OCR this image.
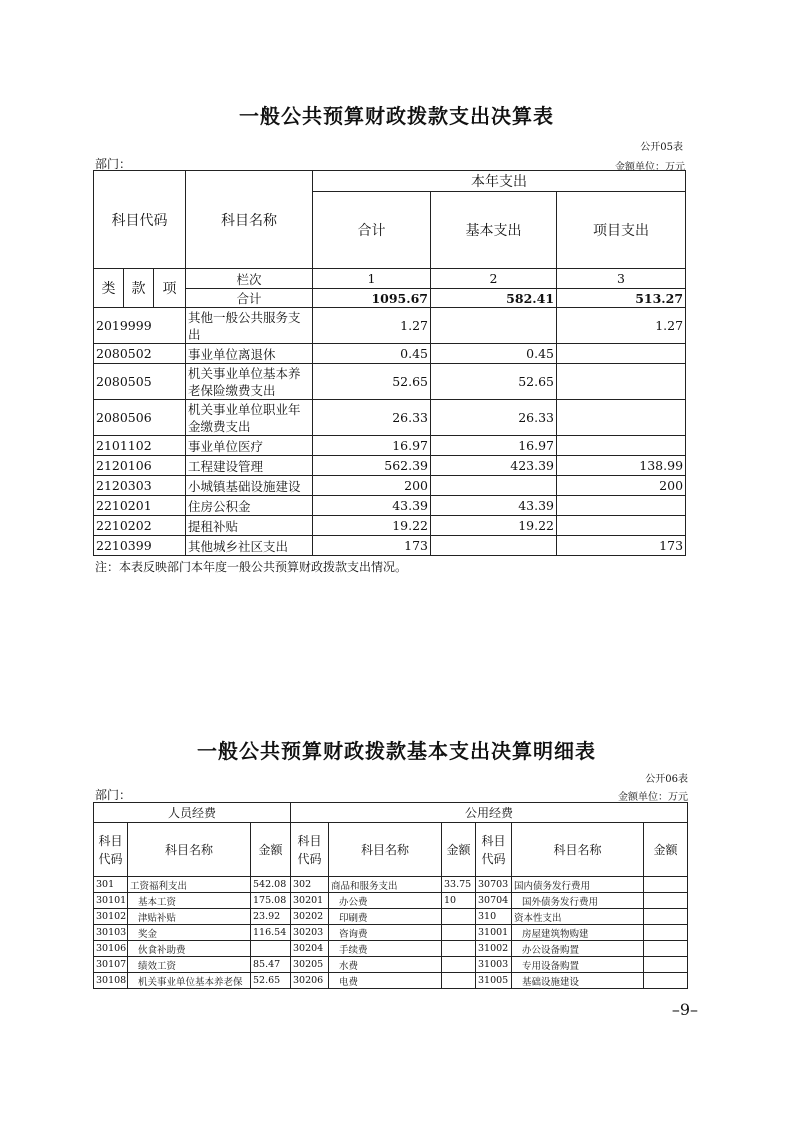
一般公共预算财政拨款支出决算表
公开05表
部门：	金额单位：万元
科目代码			科目名称	本年支出		
				合计	基本支出	项目支出
类	款	项	栏次	1	2	3
			合计	1095.67	582.41	513.27
2019999			其他一般公共服务支出	1.27		1.27
2080502			事业单位离退休	0.45	0.45	
2080505			机关事业单位基本养老保险缴费支出	52.65	52.65	
2080506			机关事业单位职业年金缴费支出	26.33	26.33	
2101102			事业单位医疗	16.97	16.97	
2120106			工程建设管理	562.39	423.39	138.99
2120303			小城镇基础设施建设	200		200
2210201			住房公积金	43.39	43.39	
2210202			提租补贴	19.22	19.22	
2210399			其他城乡社区支出	173		173
注：本表反映部门本年度一般公共预算财政拨款支出情况。
一般公共预算财政拨款基本支出决算明细表
公开06表
部门：	金额单位：万元
人员经费			公用经费					
科目代码	科目名称	金额	科目代码	科目名称	金额	科目代码	科目名称	金额
301	工资福利支出	542.08	302	商品和服务支出	33.75	30703	国内债务发行费用	
30101	基本工资	175.08	30201	办公费	10	30704	国外债务发行费用	
30102	津贴补贴	23.92	30202	印刷费		310	资本性支出	
30103	奖金	116.54	30203	咨询费		31001	房屋建筑物购建	
30106	伙食补助费		30204	手续费		31002	办公设备购置	
30107	绩效工资	85.47	30205	水费		31003	专用设备购置	
30108	机关事业单位基本养老保	52.65	30206	电费		31005	基础设施建设	
–9–
